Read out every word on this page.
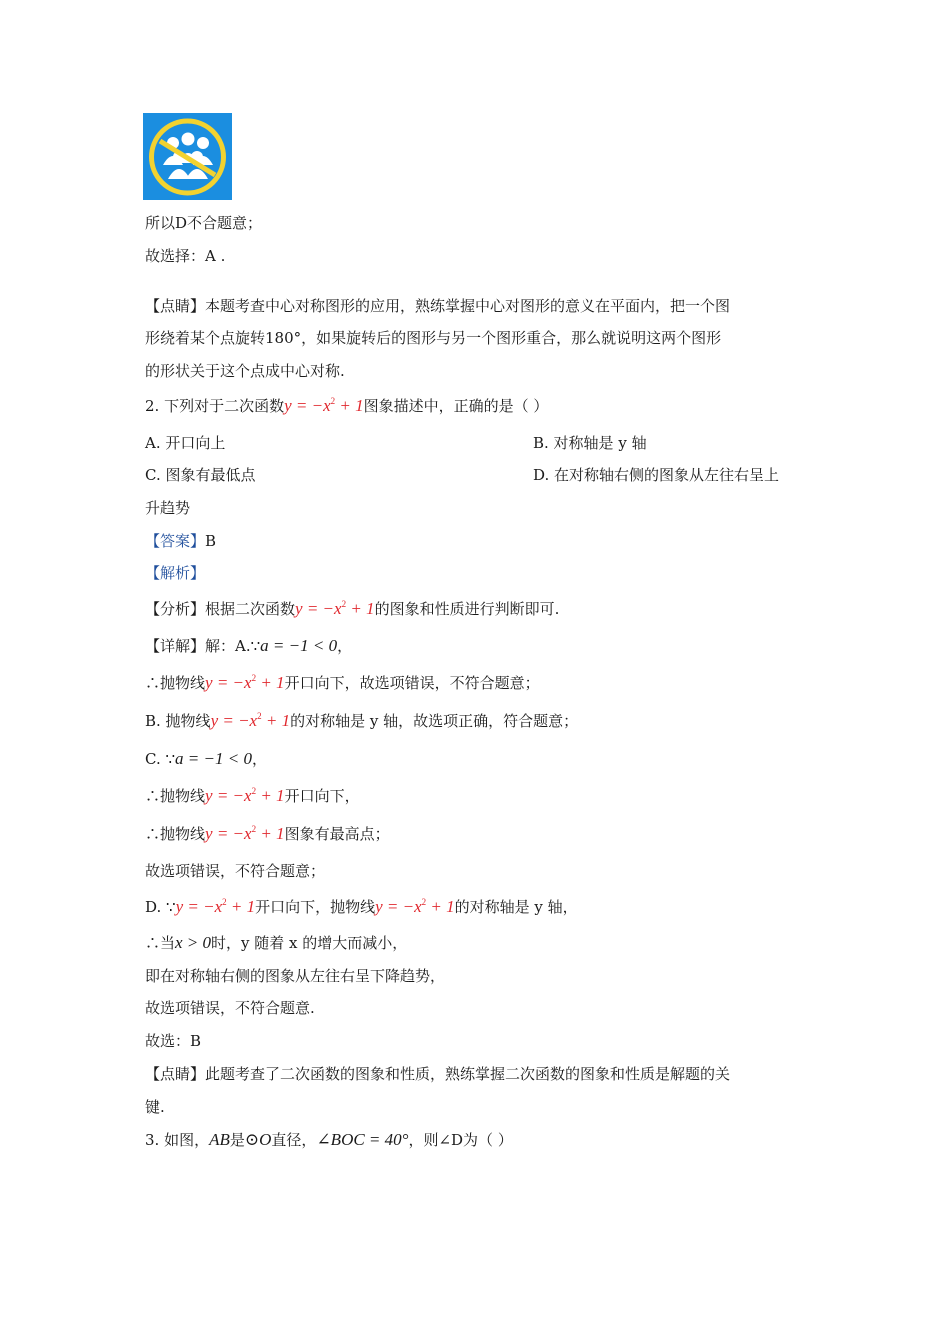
所以D不合题意；
故选择：A .
【点睛】本题考查中心对称图形的应用，熟练掌握中心对图形的意义在平面内，把一个图
形绕着某个点旋转180°，如果旋转后的图形与另一个图形重合，那么就说明这两个图形
的形状关于这个点成中心对称.
2. 下列对于二次函数$y = -x^2 + 1$图象描述中，正确的是（ ）
A. 开口向上	B. 对称轴是 y 轴
C. 图象有最低点	D. 在对称轴右侧的图象从左往右呈上
升趋势
【答案】B
【解析】
【分析】根据二次函数$y = -x^2 + 1$的图象和性质进行判断即可.
【详解】解：A.∵a = −1 < 0，
∴抛物线$y = -x^2 + 1$开口向下，故选项错误，不符合题意；
B. 抛物线$y = -x^2 + 1$的对称轴是 y 轴，故选项正确，符合题意；
C. ∵a = −1 < 0，
∴抛物线$y = -x^2 + 1$开口向下，
∴抛物线$y = -x^2 + 1$图象有最高点；
故选项错误，不符合题意；
D. ∵y = $-x^2 + 1$开口向下，抛物线$y = -x^2 + 1$的对称轴是 y 轴，
∴当x > 0时，y 随着 x 的增大而减小，
即在对称轴右侧的图象从左往右呈下降趋势，
故选项错误，不符合题意.
故选：B
【点睛】此题考查了二次函数的图象和性质，熟练掌握二次函数的图象和性质是解题的关
键.
3. 如图，AB是⊙O直径，∠BOC = 40°，则∠D为（ ）
